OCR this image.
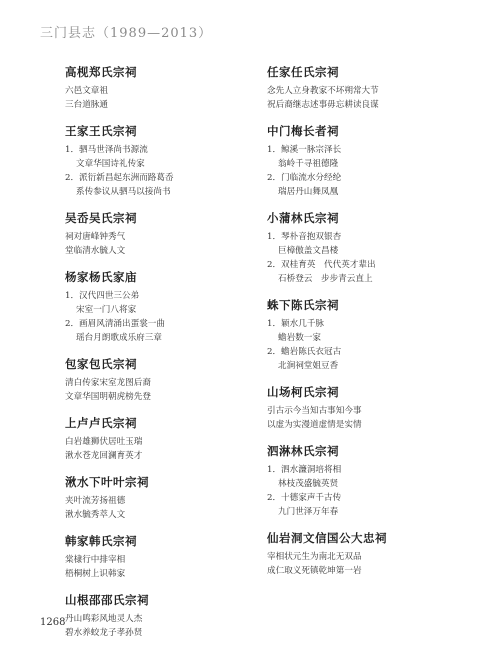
三门县志（1989—2013）
高枧郑氏宗祠
六邑文章祖
三台道脉通
王家王氏宗祠
1．驷马世泽尚书源流
文章华国诗礼传家
2．派衍新昌起东洲而路葛岙
系传参议从驷马以接尚书
吴岙吴氏宗祠
祠对唐峰钟秀气
堂临清水毓人文
杨家杨氏家庙
1．汉代四世三公弟
宋室一门八将家
2．画眉风清涌出蛋裳一曲
瑶台月朗歌成乐府三章
包家包氏宗祠
清白传家宋室龙图后裔
文章华国明朝虎榜先登
上卢卢氏宗祠
白岩雄狮伏居吐玉瑞
湫水苍龙回澜育英才
湫水下叶叶宗祠
夹叶流芳扬祖德
湫水毓秀萃人文
韩家韩氏宗祠
棠棣行中排宰相
梧桐树上识韩家
山根邵邵氏宗祠
丹山鸣彩风地灵人杰
碧水养蛟龙子孝孙贤
任家任氏宗祠
念先人立身教家不坏朔常大节
祝后裔继志述事毋忘耕读良谋
中门梅长者祠
1．鲸溪一脉宗泽长
翁岭千寻祖德隆
2．门临流水分经纶
瑞居丹山舞凤凰
小蒲林氏宗祠
1．琴朴音抱双银杏
巨樟傲盖文昌楼
2．双桂育英　代代英才辈出
石桥登云　步步青云直上
蛛下陈氏宗祠
1．颖水几千脉
蟾岩数一家
2．蟾岩陈氏衣冠古
北涧祠堂姐豆香
山场柯氏宗祠
引古示今当知古事知今事
以虚为实漫道虚情是实情
泗淋林氏宗祠
1．泗水濂洞培将相
林枝茂盛毓英贤
2．十德家声千古传
九门世泽万年春
仙岩洞文信国公大忠祠
宰相状元生为南北无双品
成仁取义死镇乾坤第一岩
1268
